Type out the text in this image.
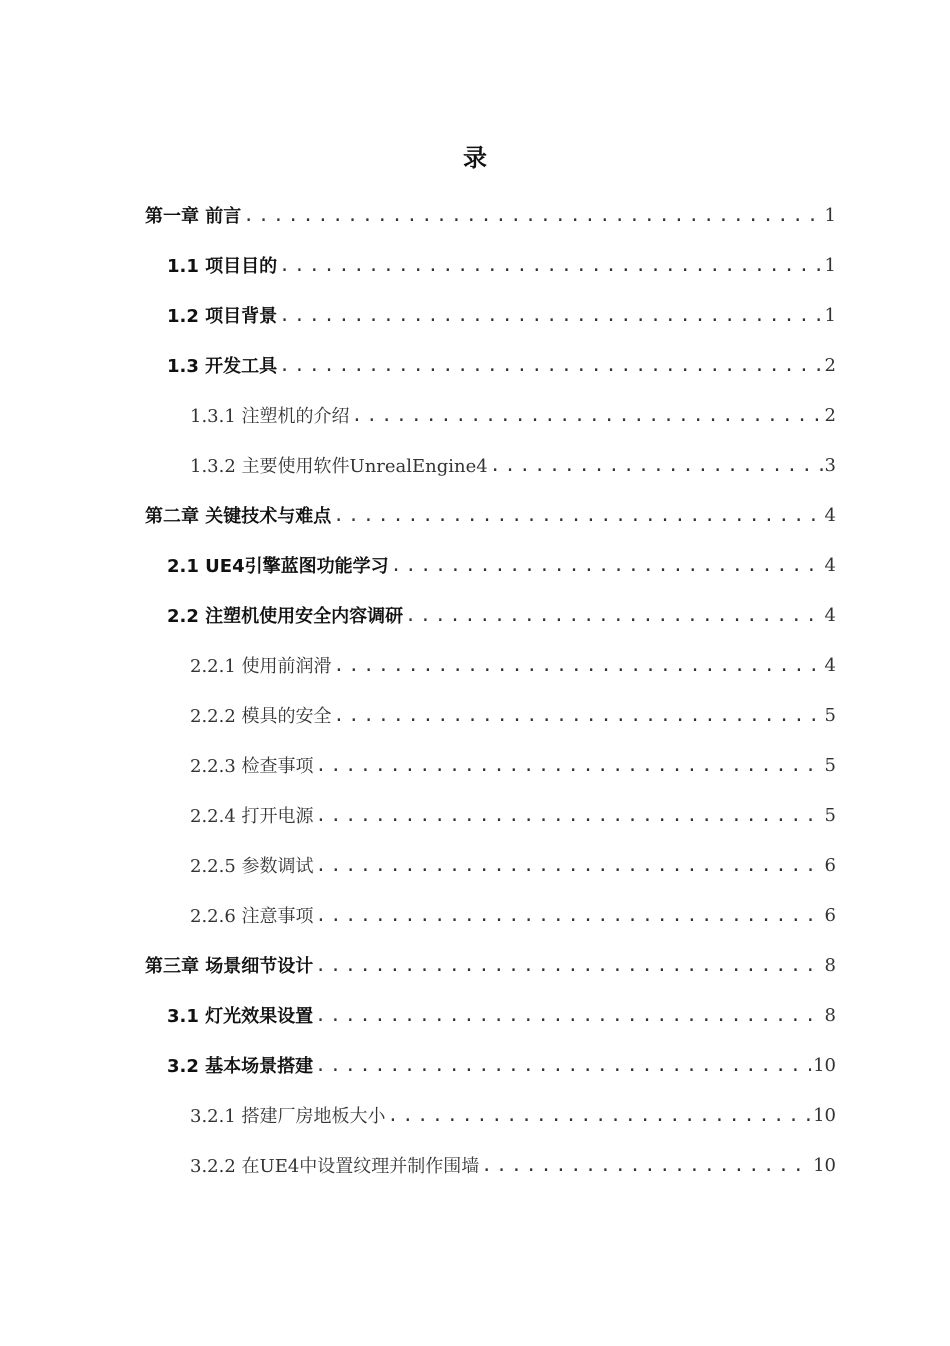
录
第一章 前言 .....	1
1.1 项目目的 .....	1
1.2 项目背景 .....	1
1.3 开发工具 .....	2
1.3.1 注塑机的介绍 .....	2
1.3.2 主要使用软件UnrealEngine4 .....	3
第二章 关键技术与难点 .....	4
2.1 UE4引擎蓝图功能学习 .....	4
2.2 注塑机使用安全内容调研 .....	4
2.2.1 使用前润滑 .....	4
2.2.2 模具的安全 .....	5
2.2.3 检查事项 .....	5
2.2.4 打开电源 .....	5
2.2.5 参数调试 .....	6
2.2.6 注意事项 .....	6
第三章 场景细节设计 .....	8
3.1 灯光效果设置 .....	8
3.2 基本场景搭建 .....	10
3.2.1 搭建厂房地板大小 .....	10
3.2.2 在UE4中设置纹理并制作围墙 .....	10
